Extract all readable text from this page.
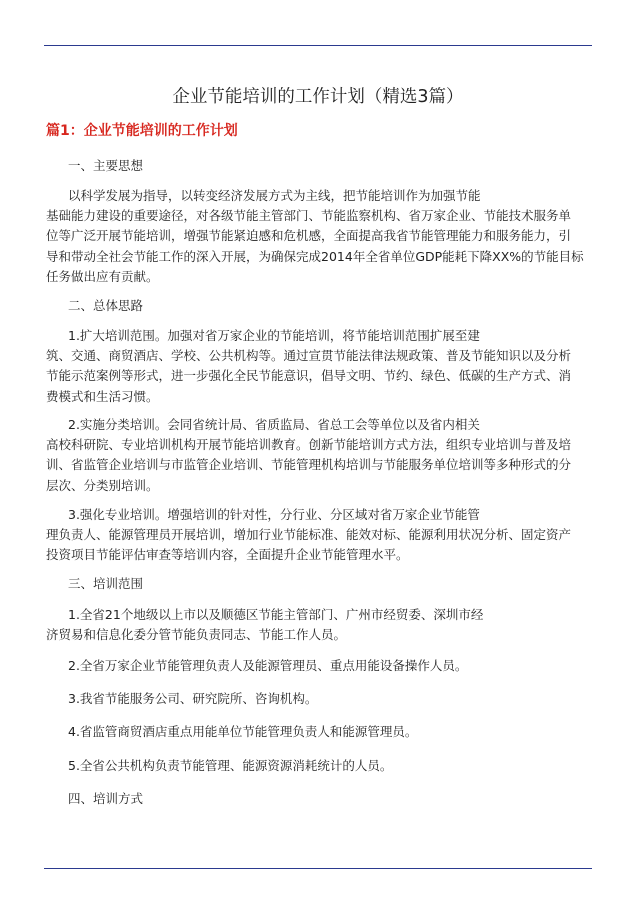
企业节能培训的工作计划（精选3篇）
篇1：企业节能培训的工作计划
一、主要思想
以科学发展为指导，以转变经济发展方式为主线，把节能培训作为加强节能
基础能力建设的重要途径，对各级节能主管部门、节能监察机构、省万家企业、节能技术服务单
位等广泛开展节能培训，增强节能紧迫感和危机感，全面提高我省节能管理能力和服务能力，引
导和带动全社会节能工作的深入开展，为确保完成2014年全省单位GDP能耗下降XX%的节能目标
任务做出应有贡献。
二、总体思路
1.扩大培训范围。加强对省万家企业的节能培训，将节能培训范围扩展至建
筑、交通、商贸酒店、学校、公共机构等。通过宣贯节能法律法规政策、普及节能知识以及分析
节能示范案例等形式，进一步强化全民节能意识，倡导文明、节约、绿色、低碳的生产方式、消
费模式和生活习惯。
2.实施分类培训。会同省统计局、省质监局、省总工会等单位以及省内相关
高校科研院、专业培训机构开展节能培训教育。创新节能培训方式方法，组织专业培训与普及培
训、省监管企业培训与市监管企业培训、节能管理机构培训与节能服务单位培训等多种形式的分
层次、分类别培训。
3.强化专业培训。增强培训的针对性，分行业、分区域对省万家企业节能管
理负责人、能源管理员开展培训，增加行业节能标准、能效对标、能源利用状况分析、固定资产
投资项目节能评估审查等培训内容，全面提升企业节能管理水平。
三、培训范围
1.全省21个地级以上市以及顺德区节能主管部门、广州市经贸委、深圳市经
济贸易和信息化委分管节能负责同志、节能工作人员。
2.全省万家企业节能管理负责人及能源管理员、重点用能设备操作人员。
3.我省节能服务公司、研究院所、咨询机构。
4.省监管商贸酒店重点用能单位节能管理负责人和能源管理员。
5.全省公共机构负责节能管理、能源资源消耗统计的人员。
四、培训方式
